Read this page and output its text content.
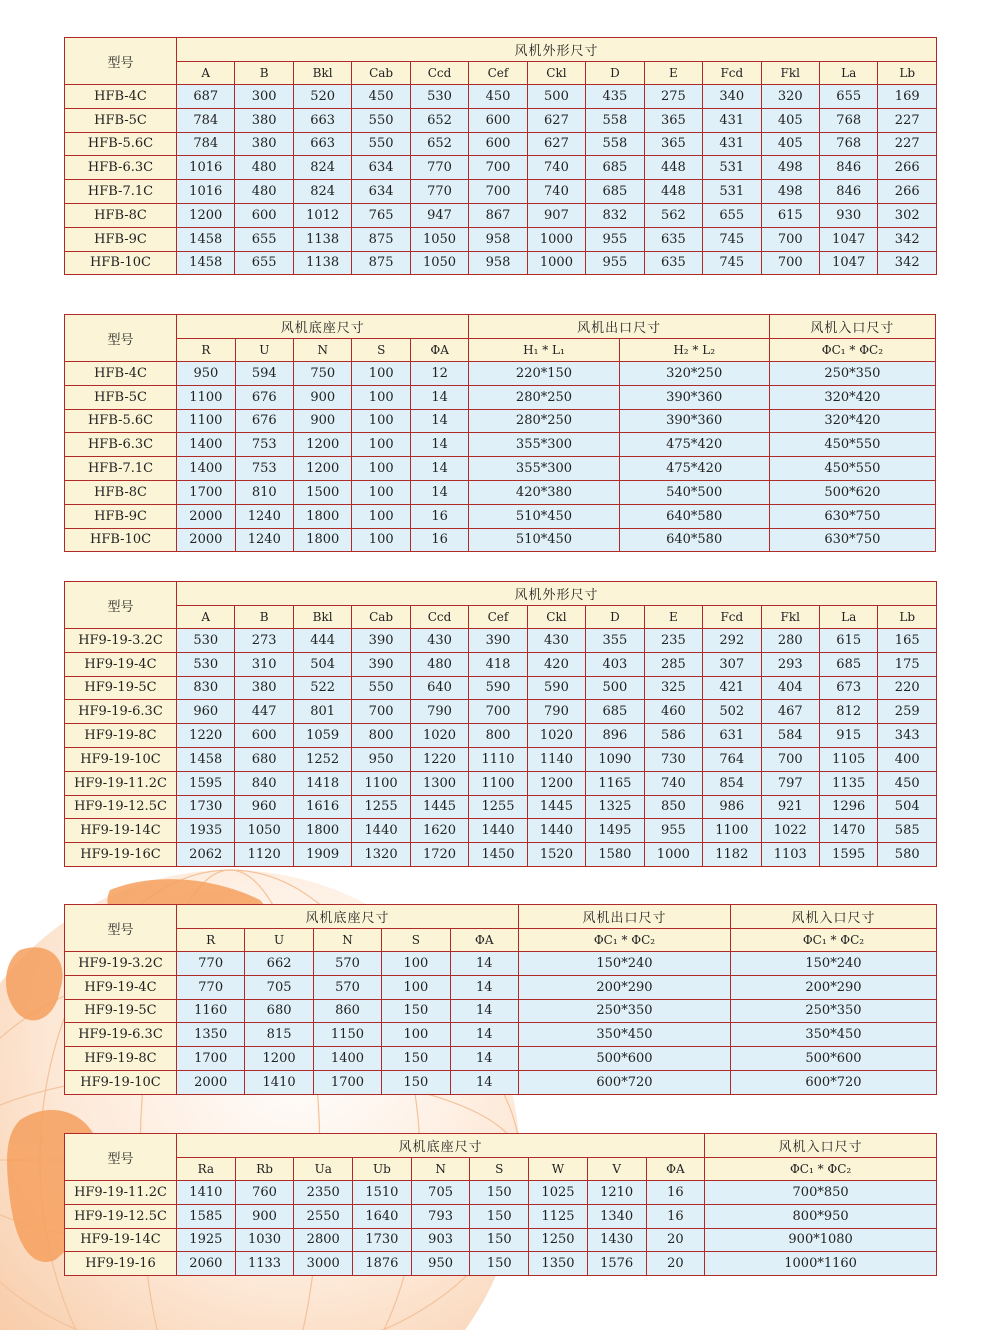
型号	风机外形尺寸												
	A	B	Bkl	Cab	Ccd	Cef	Ckl	D	E	Fcd	Fkl	La	Lb
HFB-4C	687	300	520	450	530	450	500	435	275	340	320	655	169
HFB-5C	784	380	663	550	652	600	627	558	365	431	405	768	227
HFB-5.6C	784	380	663	550	652	600	627	558	365	431	405	768	227
HFB-6.3C	1016	480	824	634	770	700	740	685	448	531	498	846	266
HFB-7.1C	1016	480	824	634	770	700	740	685	448	531	498	846	266
HFB-8C	1200	600	1012	765	947	867	907	832	562	655	615	930	302
HFB-9C	1458	655	1138	875	1050	958	1000	955	635	745	700	1047	342
HFB-10C	1458	655	1138	875	1050	958	1000	955	635	745	700	1047	342
型号	风机底座尺寸					风机出口尺寸		风机入口尺寸
	R	U	N	S	ΦA	H₁ * L₁	H₂ * L₂	ΦC₁ * ΦC₂
HFB-4C	950	594	750	100	12	220*150	320*250	250*350
HFB-5C	1100	676	900	100	14	280*250	390*360	320*420
HFB-5.6C	1100	676	900	100	14	280*250	390*360	320*420
HFB-6.3C	1400	753	1200	100	14	355*300	475*420	450*550
HFB-7.1C	1400	753	1200	100	14	355*300	475*420	450*550
HFB-8C	1700	810	1500	100	14	420*380	540*500	500*620
HFB-9C	2000	1240	1800	100	16	510*450	640*580	630*750
HFB-10C	2000	1240	1800	100	16	510*450	640*580	630*750
型号	风机外形尺寸												
	A	B	Bkl	Cab	Ccd	Cef	Ckl	D	E	Fcd	Fkl	La	Lb
HF9-19-3.2C	530	273	444	390	430	390	430	355	235	292	280	615	165
HF9-19-4C	530	310	504	390	480	418	420	403	285	307	293	685	175
HF9-19-5C	830	380	522	550	640	590	590	500	325	421	404	673	220
HF9-19-6.3C	960	447	801	700	790	700	790	685	460	502	467	812	259
HF9-19-8C	1220	600	1059	800	1020	800	1020	896	586	631	584	915	343
HF9-19-10C	1458	680	1252	950	1220	1110	1140	1090	730	764	700	1105	400
HF9-19-11.2C	1595	840	1418	1100	1300	1100	1200	1165	740	854	797	1135	450
HF9-19-12.5C	1730	960	1616	1255	1445	1255	1445	1325	850	986	921	1296	504
HF9-19-14C	1935	1050	1800	1440	1620	1440	1440	1495	955	1100	1022	1470	585
HF9-19-16C	2062	1120	1909	1320	1720	1450	1520	1580	1000	1182	1103	1595	580
型号	风机底座尺寸					风机出口尺寸	风机入口尺寸
	R	U	N	S	ΦA	ΦC₁ * ΦC₂	ΦC₁ * ΦC₂
HF9-19-3.2C	770	662	570	100	14	150*240	150*240
HF9-19-4C	770	705	570	100	14	200*290	200*290
HF9-19-5C	1160	680	860	150	14	250*350	250*350
HF9-19-6.3C	1350	815	1150	100	14	350*450	350*450
HF9-19-8C	1700	1200	1400	150	14	500*600	500*600
HF9-19-10C	2000	1410	1700	150	14	600*720	600*720
型号	风机底座尺寸									风机入口尺寸
	Ra	Rb	Ua	Ub	N	S	W	V	ΦA	ΦC₁ * ΦC₂
HF9-19-11.2C	1410	760	2350	1510	705	150	1025	1210	16	700*850
HF9-19-12.5C	1585	900	2550	1640	793	150	1125	1340	16	800*950
HF9-19-14C	1925	1030	2800	1730	903	150	1250	1430	20	900*1080
HF9-19-16	2060	1133	3000	1876	950	150	1350	1576	20	1000*1160
